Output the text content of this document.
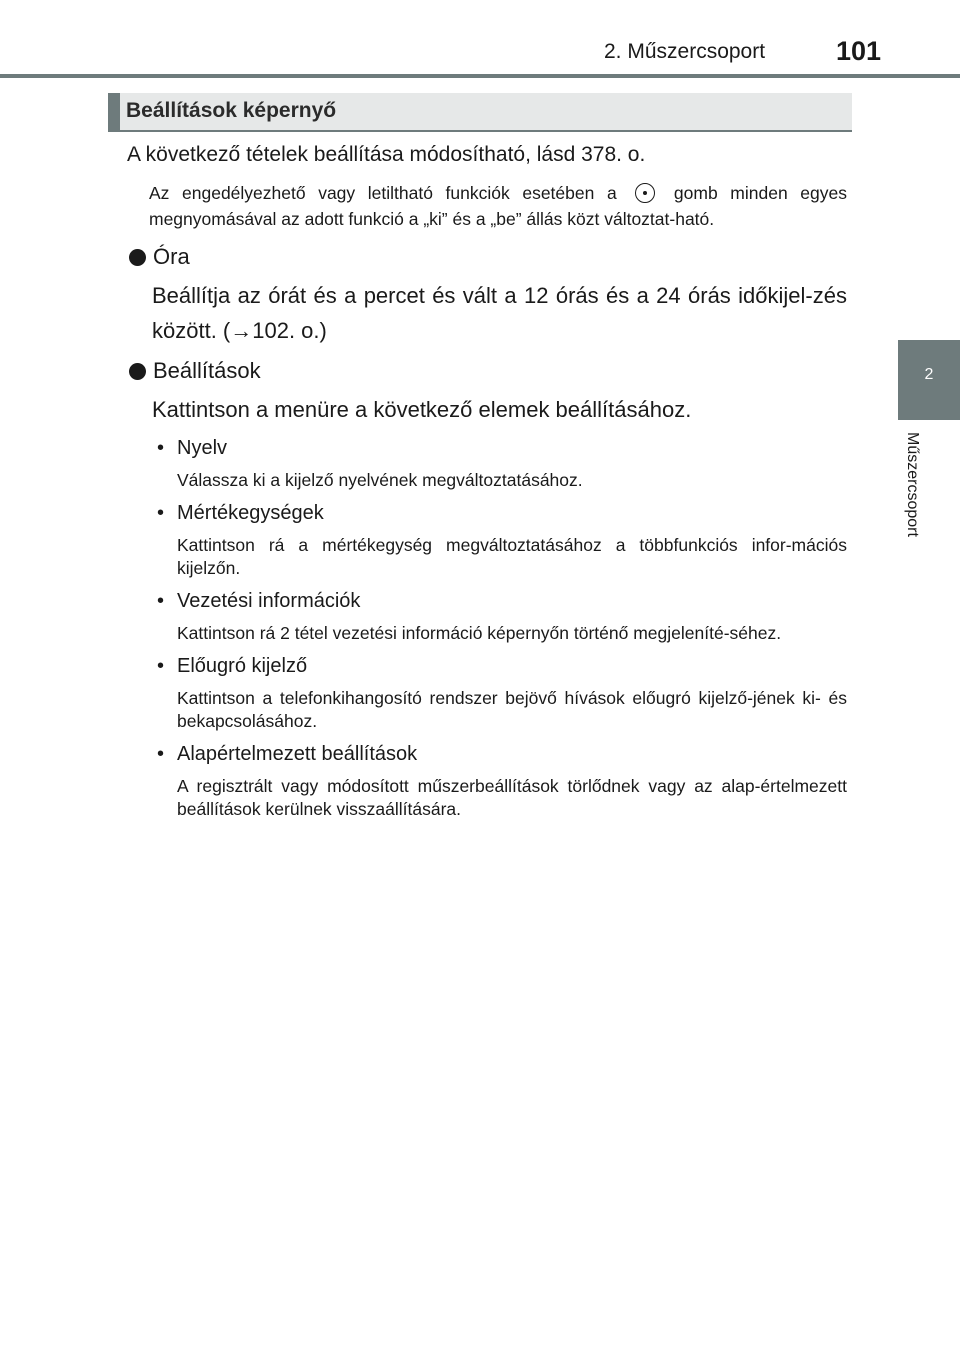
2. Műszercsoport	101
2
Műszercsoport
Beállítások képernyő

A következő tételek beállítása módosítható, lásd 378. o.

Az engedélyezhető vagy letiltható funkciók esetében a	gomb minden egyes megnyomásával az adott funkció a „ki” és a „be” állás közt változtat-ható.

Óra

Beállítja az órát és a percet és vált a 12 órás és a 24 órás időkijel-zés között. (→102. o.)

Beállítások

Kattintson a menüre a következő elemek beállításához.

• Nyelv

Válassza ki a kijelző nyelvének megváltoztatásához.

• Mértékegységek

Kattintson rá a mértékegység megváltoztatásához a többfunkciós infor-mációs kijelzőn.

• Vezetési információk

Kattintson rá 2 tétel vezetési információ képernyőn történő megjeleníté-séhez.

• Előugró kijelző

Kattintson a telefonkihangosító rendszer bejövő hívások előugró kijelző-jének ki- és bekapcsolásához.

• Alapértelmezett beállítások

A regisztrált vagy módosított műszerbeállítások törlődnek vagy az alap-értelmezett beállítások kerülnek visszaállítására.
